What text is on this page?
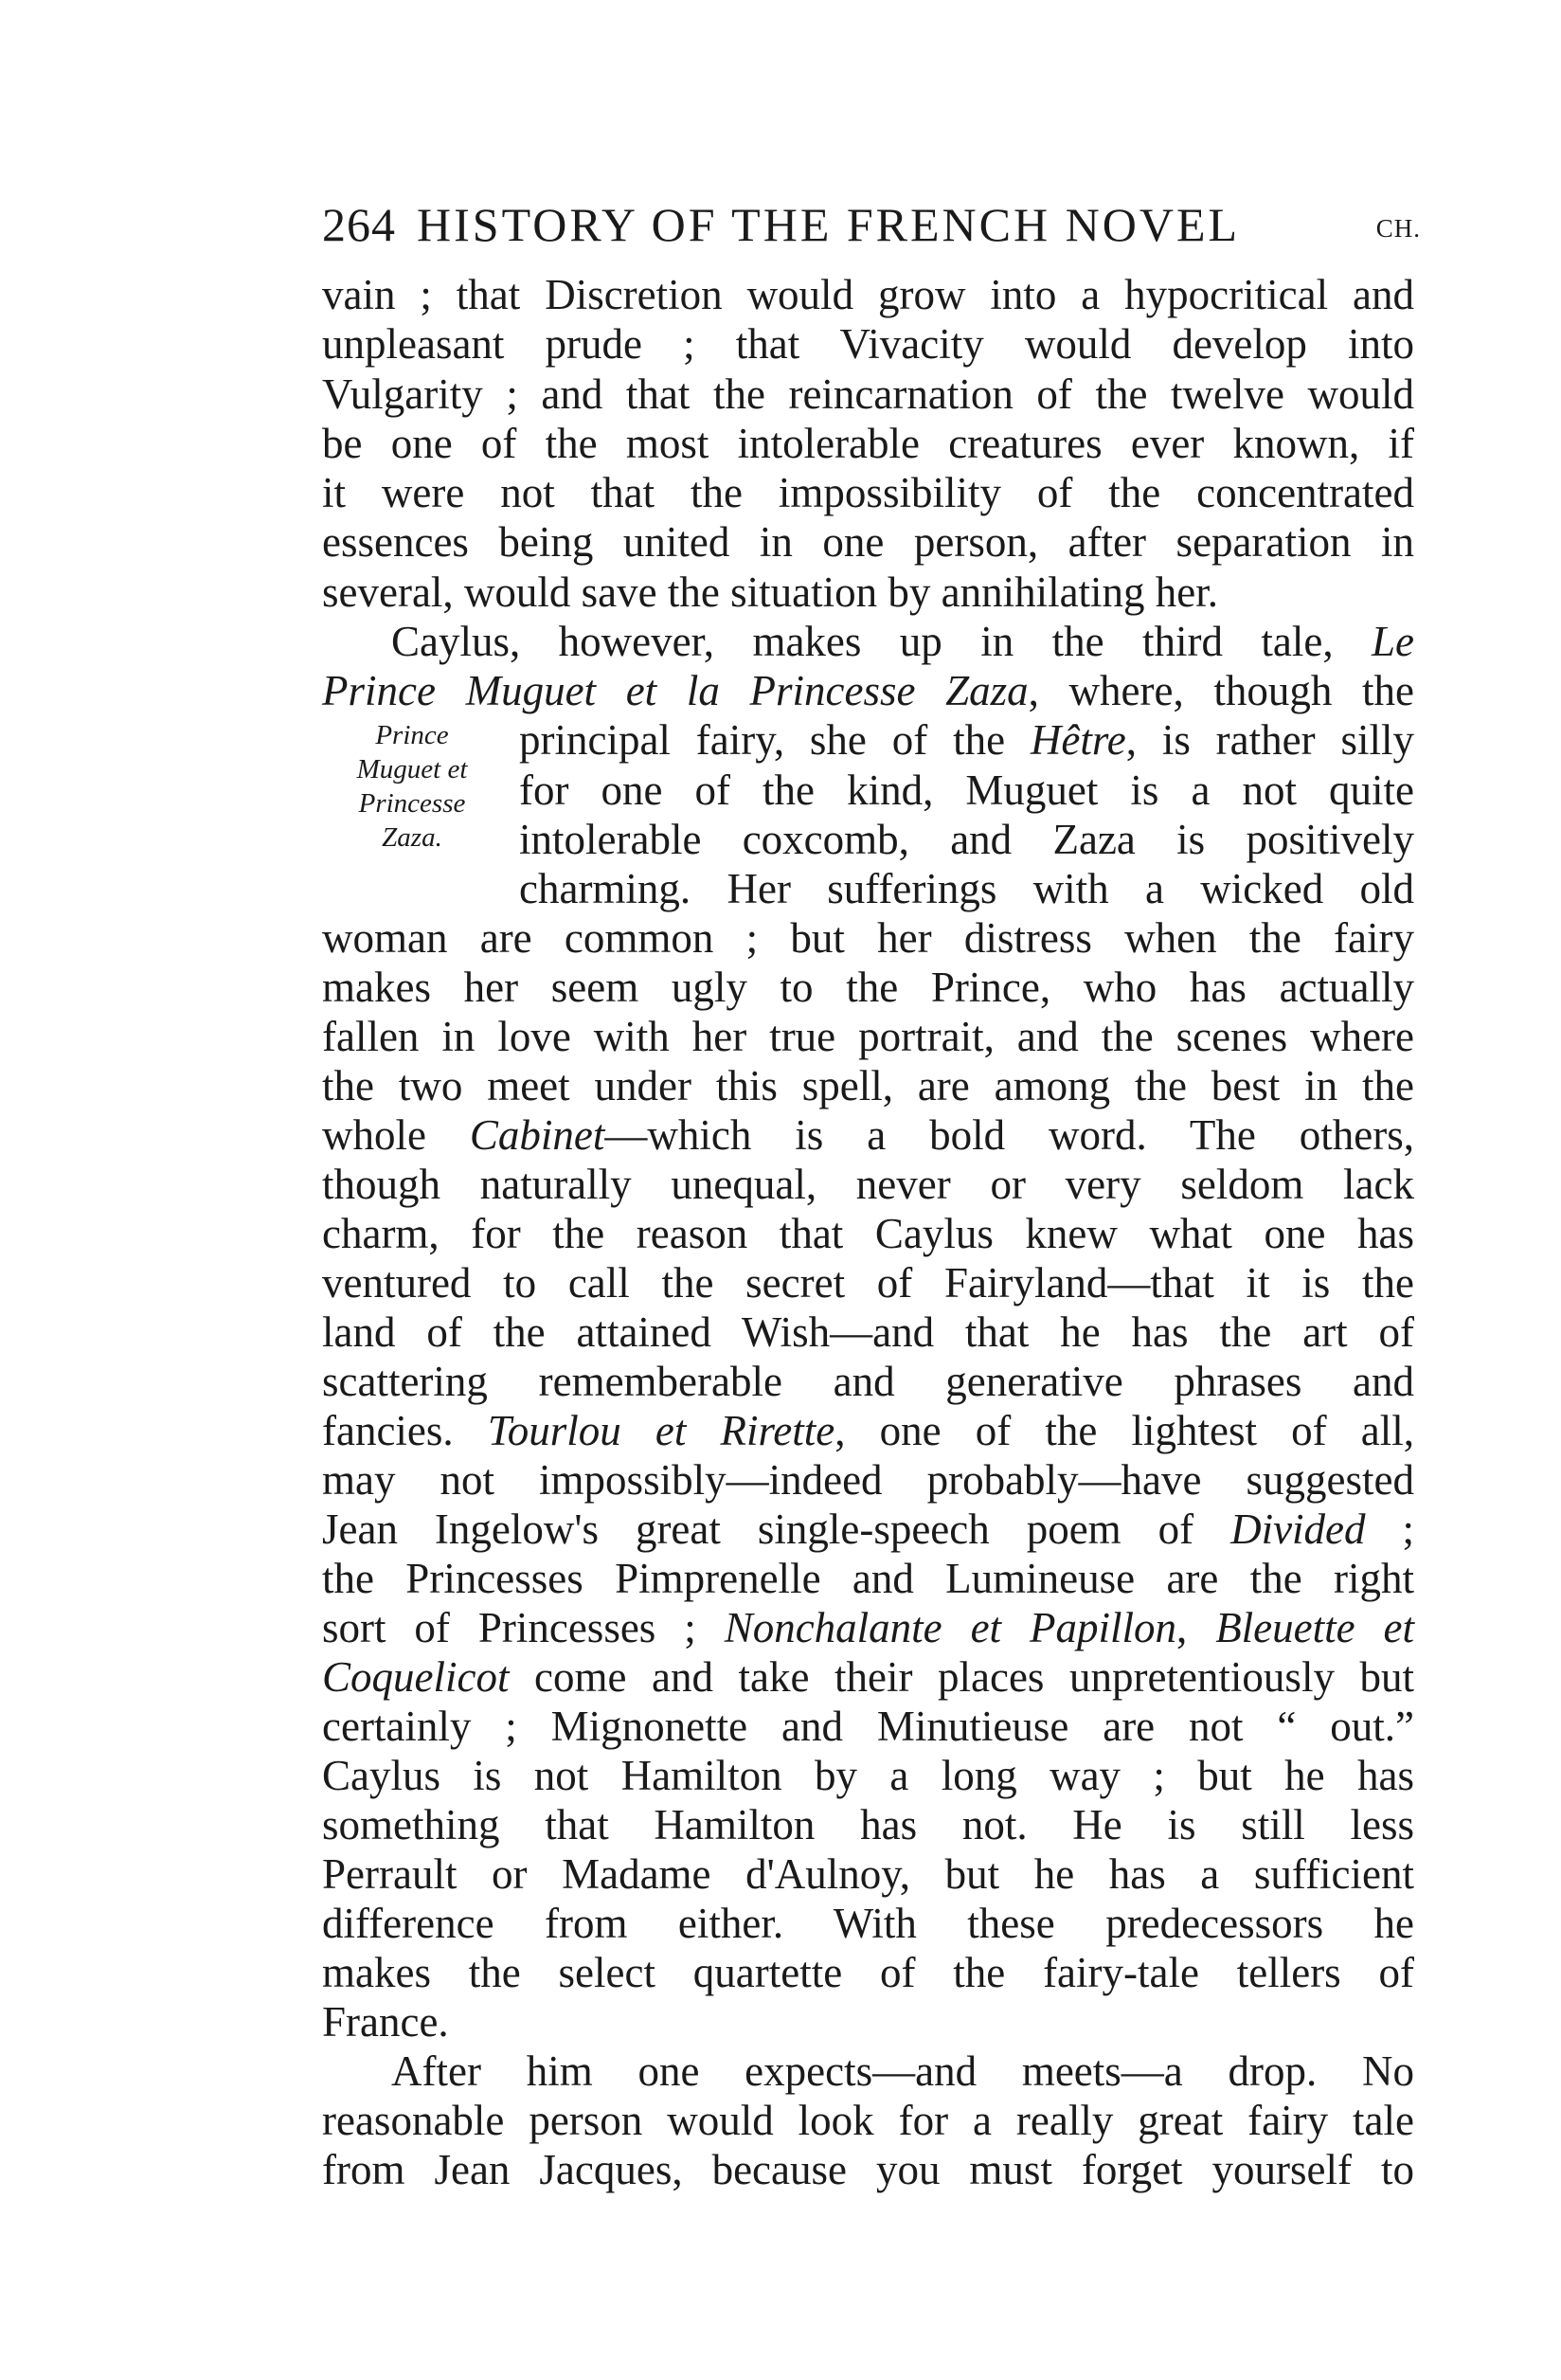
264 HISTORY OF THE FRENCH NOVEL	CH.
Prince
Muguet et
Princesse
Zaza.
vain ; that Discretion would grow into a hypocritical and
unpleasant prude ; that Vivacity would develop into
Vulgarity ; and that the reincarnation of the twelve would
be one of the most intolerable creatures ever known, if
it were not that the impossibility of the concentrated
essences being united in one person, after separation in
several, would save the situation by annihilating her.
Caylus, however, makes up in the third tale, Le
Prince Muguet et la Princesse Zaza, where, though the
principal fairy, she of the Hêtre, is rather silly
for one of the kind, Muguet is a not quite
intolerable coxcomb, and Zaza is positively
charming. Her sufferings with a wicked old
woman are common ; but her distress when the fairy
makes her seem ugly to the Prince, who has actually
fallen in love with her true portrait, and the scenes where
the two meet under this spell, are among the best in the
whole Cabinet—which is a bold word. The others,
though naturally unequal, never or very seldom lack
charm, for the reason that Caylus knew what one has
ventured to call the secret of Fairyland—that it is the
land of the attained Wish—and that he has the art of
scattering rememberable and generative phrases and
fancies. Tourlou et Rirette, one of the lightest of all,
may not impossibly—indeed probably—have suggested
Jean Ingelow's great single-speech poem of Divided ;
the Princesses Pimprenelle and Lumineuse are the right
sort of Princesses ; Nonchalante et Papillon, Bleuette et
Coquelicot come and take their places unpretentiously but
certainly ; Mignonette and Minutieuse are not “ out.”
Caylus is not Hamilton by a long way ; but he has
something that Hamilton has not. He is still less
Perrault or Madame d'Aulnoy, but he has a sufficient
difference from either. With these predecessors he
makes the select quartette of the fairy-tale tellers of
France.
After him one expects—and meets—a drop. No
reasonable person would look for a really great fairy tale
from Jean Jacques, because you must forget yourself to
